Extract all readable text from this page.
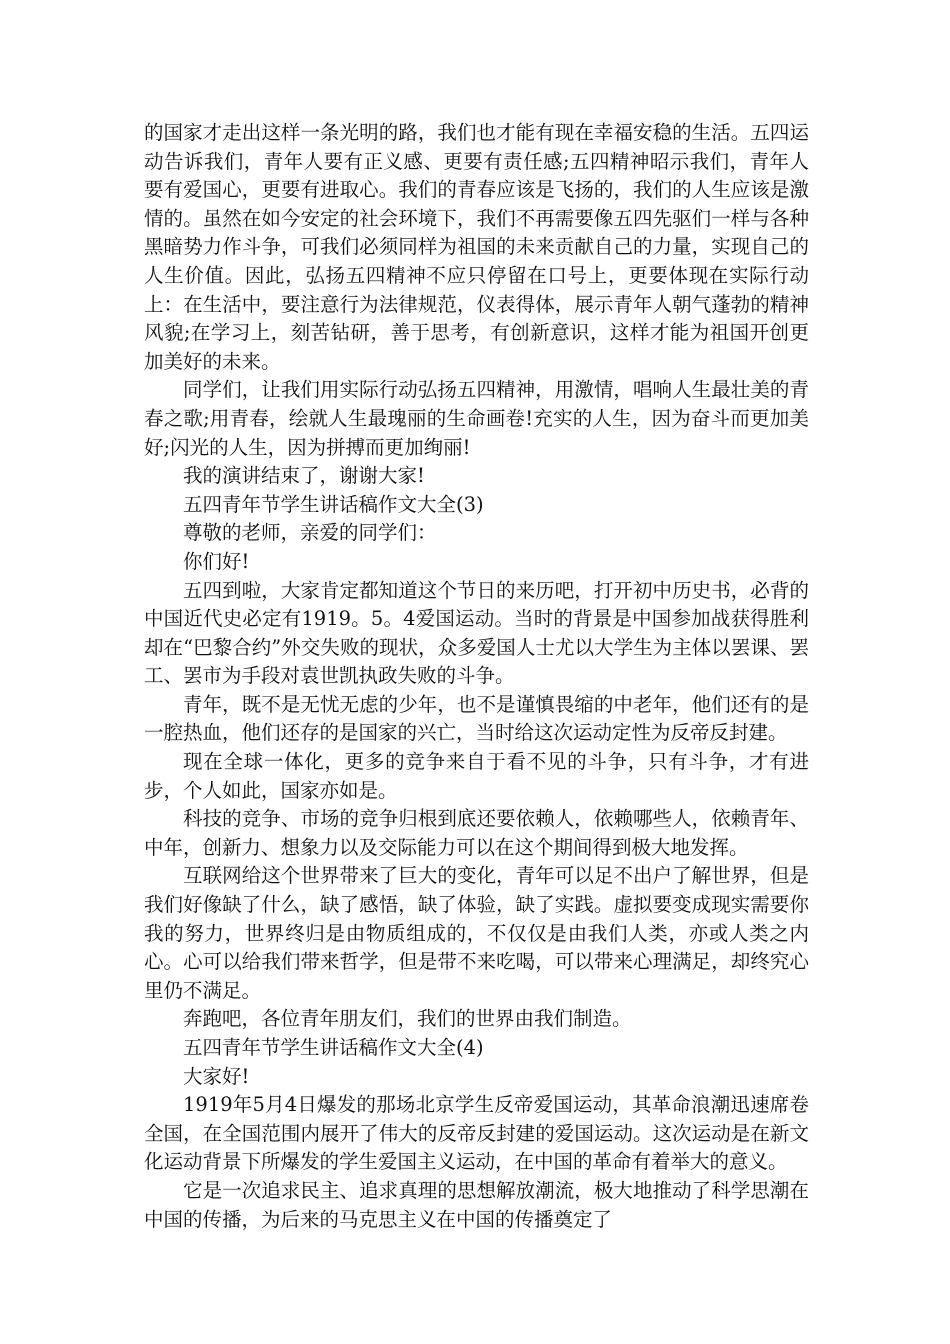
的国家才走出这样一条光明的路，我们也才能有现在幸福安稳的生活。五四运动告诉我们，青年人要有正义感、更要有责任感;五四精神昭示我们，青年人要有爱国心，更要有进取心。我们的青春应该是飞扬的，我们的人生应该是激情的。虽然在如今安定的社会环境下，我们不再需要像五四先驱们一样与各种黑暗势力作斗争，可我们必须同样为祖国的未来贡献自己的力量，实现自己的人生价值。因此，弘扬五四精神不应只停留在口号上，更要体现在实际行动上：在生活中，要注意行为法律规范，仪表得体，展示青年人朝气蓬勃的精神风貌;在学习上，刻苦钻研，善于思考，有创新意识，这样才能为祖国开创更加美好的未来。

同学们，让我们用实际行动弘扬五四精神，用激情，唱响人生最壮美的青春之歌;用青春，绘就人生最瑰丽的生命画卷!充实的人生，因为奋斗而更加美好;闪光的人生，因为拼搏而更加绚丽!

我的演讲结束了，谢谢大家!

五四青年节学生讲话稿作文大全(3)

尊敬的老师，亲爱的同学们：

你们好!

五四到啦，大家肯定都知道这个节日的来历吧，打开初中历史书，必背的中国近代史必定有1919。5。4爱国运动。当时的背景是中国参加战获得胜利却在“巴黎合约”外交失败的现状，众多爱国人士尤以大学生为主体以罢课、罢工、罢市为手段对袁世凯执政失败的斗争。

青年，既不是无忧无虑的少年，也不是谨慎畏缩的中老年，他们还有的是一腔热血，他们还存的是国家的兴亡，当时给这次运动定性为反帝反封建。

现在全球一体化，更多的竞争来自于看不见的斗争，只有斗争，才有进步，个人如此，国家亦如是。

科技的竞争、市场的竞争归根到底还要依赖人，依赖哪些人，依赖青年、中年，创新力、想象力以及交际能力可以在这个期间得到极大地发挥。

互联网给这个世界带来了巨大的变化，青年可以足不出户了解世界，但是我们好像缺了什么，缺了感悟，缺了体验，缺了实践。虚拟要变成现实需要你我的努力，世界终归是由物质组成的，不仅仅是由我们人类，亦或人类之内心。心可以给我们带来哲学，但是带不来吃喝，可以带来心理满足，却终究心里仍不满足。

奔跑吧，各位青年朋友们，我们的世界由我们制造。

五四青年节学生讲话稿作文大全(4)

大家好!

1919年5月4日爆发的那场北京学生反帝爱国运动，其革命浪潮迅速席卷全国，在全国范围内展开了伟大的反帝反封建的爱国运动。这次运动是在新文化运动背景下所爆发的学生爱国主义运动，在中国的革命有着举大的意义。

它是一次追求民主、追求真理的思想解放潮流，极大地推动了科学思潮在中国的传播，为后来的马克思主义在中国的传播奠定了
